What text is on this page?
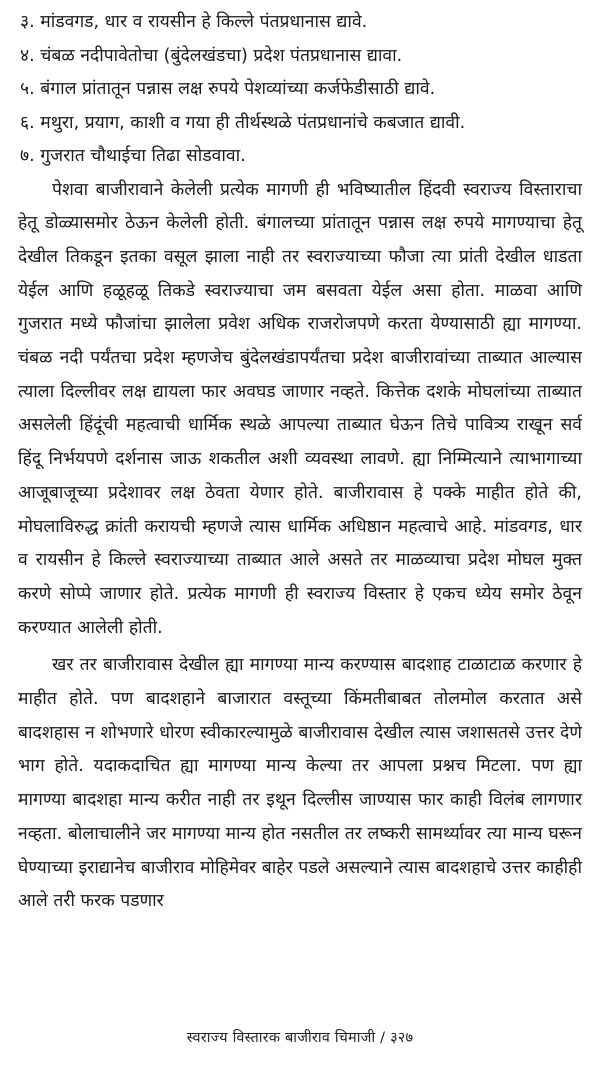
३. मांडवगड, धार व रायसीन हे किल्ले पंतप्रधानास द्यावे.
४. चंबळ नदीपावेतोचा (बुंदेलखंडचा) प्रदेश पंतप्रधानास द्यावा.
५. बंगाल प्रांतातून पन्नास लक्ष रुपये पेशव्यांच्या कर्जफेडीसाठी द्यावे.
६. मथुरा, प्रयाग, काशी व गया ही तीर्थस्थळे पंतप्रधानांचे कबजात द्यावी.
७. गुजरात चौथाईचा तिढा सोडवावा.

पेशवा बाजीरावाने केलेली प्रत्येक मागणी ही भविष्यातील हिंदवी स्वराज्य विस्ताराचा हेतू डोळ्यासमोर ठेऊन केलेली होती. बंगालच्या प्रांतातून पन्नास लक्ष रुपये मागण्याचा हेतू देखील तिकडून इतका वसूल झाला नाही तर स्वराज्याच्या फौजा त्या प्रांती देखील धाडता येईल आणि हळूहळू तिकडे स्वराज्याचा जम बसवता येईल असा होता. माळवा आणि गुजरात मध्ये फौजांचा झालेला प्रवेश अधिक राजरोजपणे करता येण्यासाठी ह्या मागण्या. चंबळ नदी पर्यंतचा प्रदेश म्हणजेच बुंदेलखंडापर्यंतचा प्रदेश बाजीरावांच्या ताब्यात आल्यास त्याला दिल्लीवर लक्ष द्यायला फार अवघड जाणार नव्हते. कित्तेक दशके मोघलांच्या ताब्यात असलेली हिंदूंची महत्वाची धार्मिक स्थळे आपल्या ताब्यात घेऊन तिचे पावित्र्य राखून सर्व हिंदू निर्भयपणे दर्शनास जाऊ शकतील अशी व्यवस्था लावणे. ह्या निम्मित्याने त्याभागाच्या आजूबाजूच्या प्रदेशावर लक्ष ठेवता येणार होते. बाजीरावास हे पक्के माहीत होते की, मोघलाविरुद्ध क्रांती करायची म्हणजे त्यास धार्मिक अधिष्ठान महत्वाचे आहे. मांडवगड, धार व रायसीन हे किल्ले स्वराज्याच्या ताब्यात आले असते तर माळव्याचा प्रदेश मोघल मुक्त करणे सोप्पे जाणार होते. प्रत्येक मागणी ही स्वराज्य विस्तार हे एकच ध्येय समोर ठेवून करण्यात आलेली होती.

खर तर बाजीरावास देखील ह्या मागण्या मान्य करण्यास बादशाह टाळाटाळ करणार हे माहीत होते. पण बादशहाने बाजारात वस्तूच्या किंमतीबाबत तोलमोल करतात असे बादशहास न शोभणारे धोरण स्वीकारल्यामुळे बाजीरावास देखील त्यास जशासतसे उत्तर देणे भाग होते. यदाकदाचित ह्या मागण्या मान्य केल्या तर आपला प्रश्नच मिटला. पण ह्या मागण्या बादशहा मान्य करीत नाही तर इथून दिल्लीस जाण्यास फार काही विलंब लागणार नव्हता. बोलाचालीने जर मागण्या मान्य होत नसतील तर लष्करी सामर्थ्यावर त्या मान्य घरून घेण्याच्या इराद्यानेच बाजीराव मोहिमेवर बाहेर पडले असल्याने त्यास बादशहाचे उत्तर काहीही आले तरी फरक पडणार

स्वराज्य विस्तारक बाजीराव चिमाजी / ३२७
